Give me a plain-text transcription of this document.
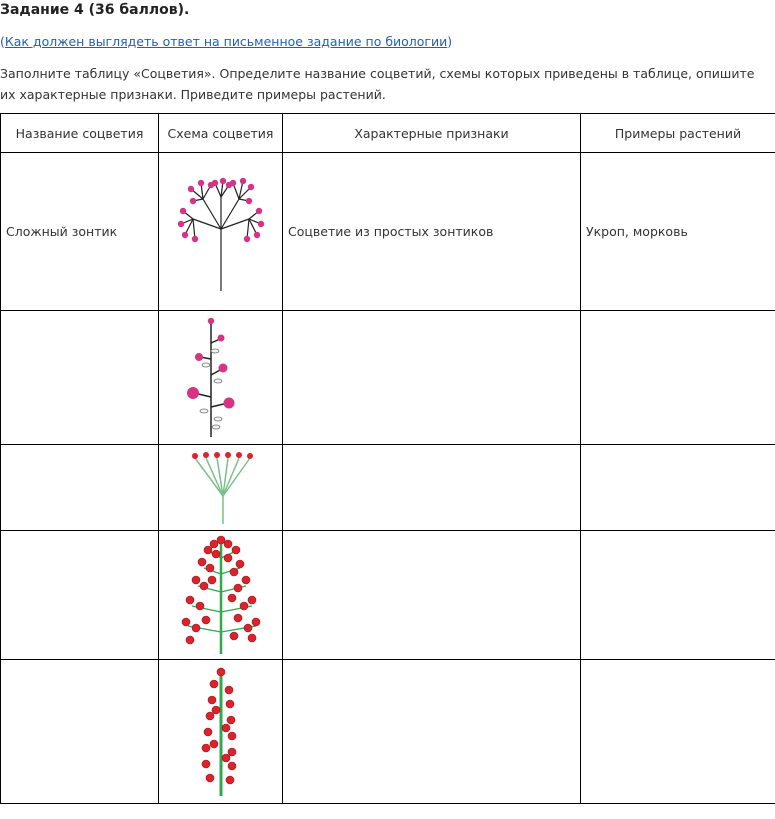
Задание 4 (36 баллов).
(Как должен выглядеть ответ на письменное задание по биологии)
Заполните таблицу «Соцветия». Определите название соцветий, схемы которых приведены в таблице, опишите их характерные признаки. Приведите примеры растений.
Название соцветия	Схема соцветия	Характерные признаки	Примеры растений
Сложный зонтик		Соцветие из простых зонтиков	Укроп, морковь
